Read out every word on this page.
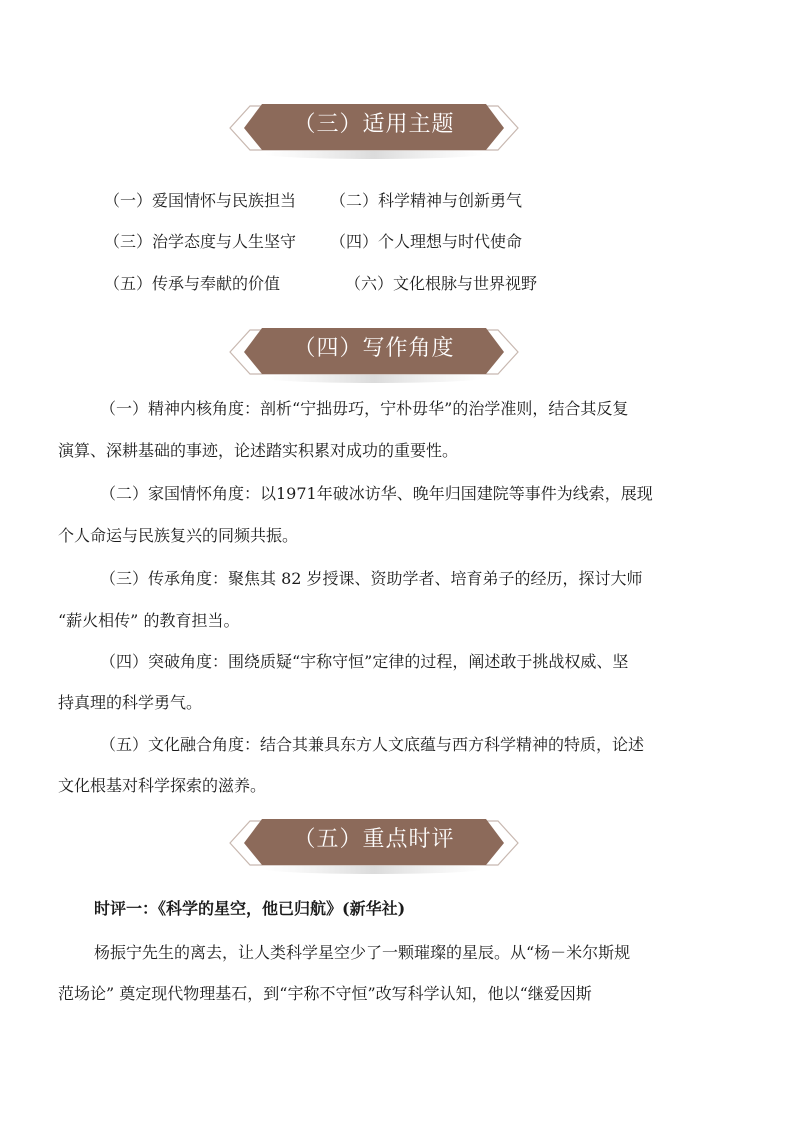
（三）适用主题
（一）爱国情怀与民族担当 （二）科学精神与创新勇气
（三）治学态度与人生坚守 （四）个人理想与时代使命
（五）传承与奉献的价值	（六）文化根脉与世界视野
（四）写作角度
（一）精神内核角度：剖析“宁拙毋巧，宁朴毋华”的治学准则，结合其反复
演算、深耕基础的事迹，论述踏实积累对成功的重要性。
（二）家国情怀角度：以1971年破冰访华、晚年归国建院等事件为线索，展现
个人命运与民族复兴的同频共振。
（三）传承角度：聚焦其 82 岁授课、资助学者、培育弟子的经历，探讨大师
“薪火相传” 的教育担当。
（四）突破角度：围绕质疑“宇称守恒”定律的过程，阐述敢于挑战权威、坚
持真理的科学勇气。
（五）文化融合角度：结合其兼具东方人文底蕴与西方科学精神的特质，论述
文化根基对科学探索的滋养。
（五）重点时评
时评一：《科学的星空，他已归航》(新华社)
杨振宁先生的离去，让人类科学星空少了一颗璀璨的星辰。从“杨－米尔斯规
范场论” 奠定现代物理基石，到“宇称不守恒”改写科学认知，他以“继爱因斯
